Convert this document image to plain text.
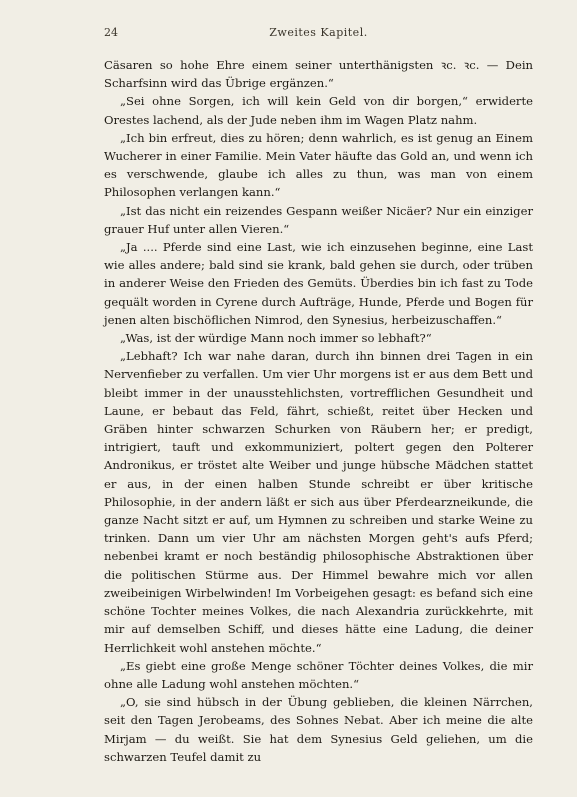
24	Zweites Kapitel.

Cäsaren so hohe Ehre einem seiner unterthänigsten ꝛc. ꝛc. — Dein Scharfsinn wird das Übrige ergänzen.“

„Sei ohne Sorgen, ich will kein Geld von dir borgen,“ erwiderte Orestes lachend, als der Jude neben ihm im Wagen Platz nahm.

„Ich bin erfreut, dies zu hören; denn wahrlich, es ist genug an Einem Wucherer in einer Familie. Mein Vater häufte das Gold an, und wenn ich es verschwende, glaube ich alles zu thun, was man von einem Philosophen verlangen kann.“

„Ist das nicht ein reizendes Gespann weißer Nicäer? Nur ein einziger grauer Huf unter allen Vieren.“

„Ja .... Pferde sind eine Last, wie ich einzusehen beginne, eine Last wie alles andere; bald sind sie krank, bald gehen sie durch, oder trüben in anderer Weise den Frieden des Gemüts. Überdies bin ich fast zu Tode gequält worden in Cyrene durch Aufträge, Hunde, Pferde und Bogen für jenen alten bischöflichen Nimrod, den Synesius, herbeizuschaffen.“

„Was, ist der würdige Mann noch immer so lebhaft?“

„Lebhaft? Ich war nahe daran, durch ihn binnen drei Tagen in ein Nervenfieber zu verfallen. Um vier Uhr morgens ist er aus dem Bett und bleibt immer in der unausstehlichsten, vortrefflichen Gesundheit und Laune, er bebaut das Feld, fährt, schießt, reitet über Hecken und Gräben hinter schwarzen Schurken von Räubern her; er predigt, intrigiert, tauft und exkommuniziert, poltert gegen den Polterer Andronikus, er tröstet alte Weiber und junge hübsche Mädchen stattet er aus, in der einen halben Stunde schreibt er über kritische Philosophie, in der andern läßt er sich aus über Pferdearzneikunde, die ganze Nacht sitzt er auf, um Hymnen zu schreiben und starke Weine zu trinken. Dann um vier Uhr am nächsten Morgen geht's aufs Pferd; nebenbei kramt er noch beständig philosophische Abstraktionen über die politischen Stürme aus. Der Himmel bewahre mich vor allen zweibeinigen Wirbelwinden! Im Vorbeigehen gesagt: es befand sich eine schöne Tochter meines Volkes, die nach Alexandria zurückkehrte, mit mir auf demselben Schiff, und dieses hätte eine Ladung, die deiner Herrlichkeit wohl anstehen möchte.“

„Es giebt eine große Menge schöner Töchter deines Volkes, die mir ohne alle Ladung wohl anstehen möchten.“

„O, sie sind hübsch in der Übung geblieben, die kleinen Närrchen, seit den Tagen Jerobeams, des Sohnes Nebat. Aber ich meine die alte Mirjam — du weißt. Sie hat dem Synesius Geld geliehen, um die schwarzen Teufel damit zu
